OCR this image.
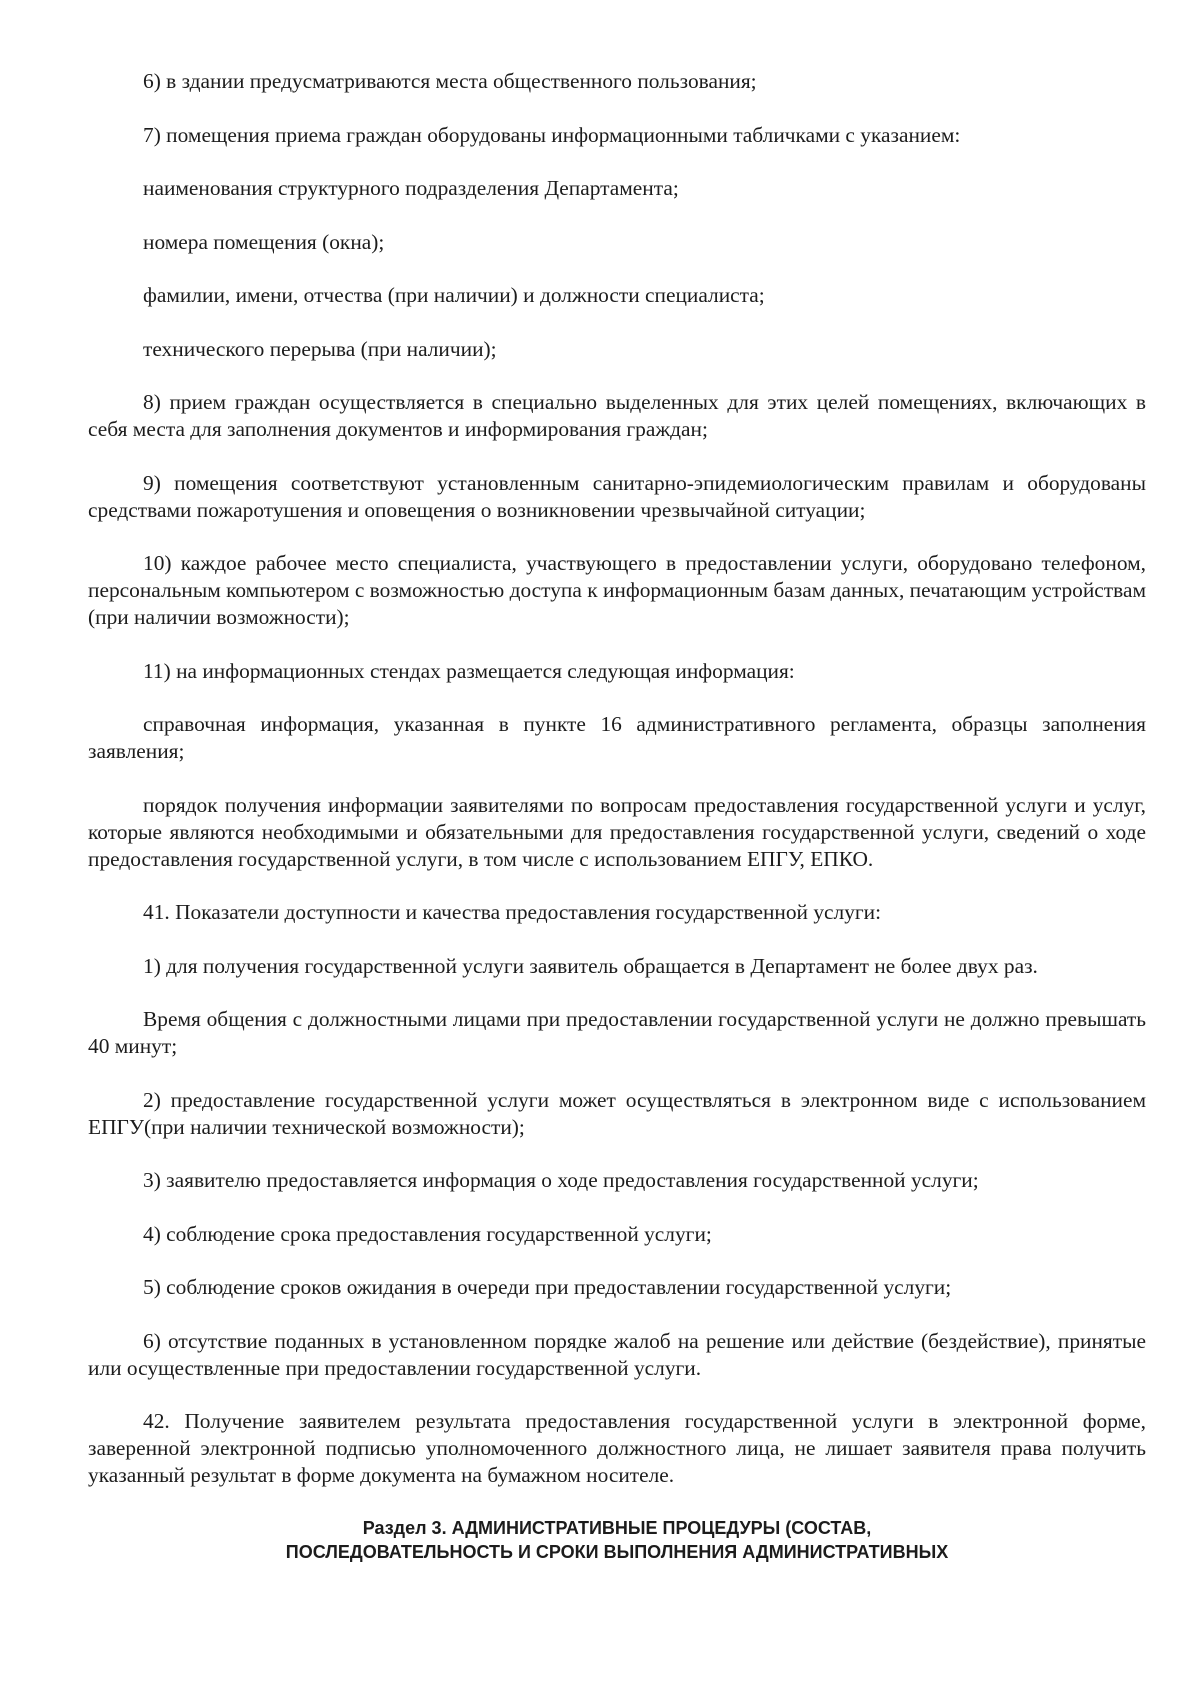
6) в здании предусматриваются места общественного пользования;

7) помещения приема граждан оборудованы информационными табличками с указанием:

наименования структурного подразделения Департамента;

номера помещения (окна);

фамилии, имени, отчества (при наличии) и должности специалиста;

технического перерыва (при наличии);

8) прием граждан осуществляется в специально выделенных для этих целей помещениях, включающих в себя места для заполнения документов и информирования граждан;

9) помещения соответствуют установленным санитарно-эпидемиологическим правилам и оборудованы средствами пожаротушения и оповещения о возникновении чрезвычайной ситуации;

10) каждое рабочее место специалиста, участвующего в предоставлении услуги, оборудовано телефоном, персональным компьютером с возможностью доступа к информационным базам данных, печатающим устройствам (при наличии возможности);

11) на информационных стендах размещается следующая информация:

справочная информация, указанная в пункте 16 административного регламента, образцы заполнения заявления;

порядок получения информации заявителями по вопросам предоставления государственной услуги и услуг, которые являются необходимыми и обязательными для предоставления государственной услуги, сведений о ходе предоставления государственной услуги, в том числе с использованием ЕПГУ, ЕПКО.

41. Показатели доступности и качества предоставления государственной услуги:

1) для получения государственной услуги заявитель обращается в Департамент не более двух раз.

Время общения с должностными лицами при предоставлении государственной услуги не должно превышать 40 минут;

2) предоставление государственной услуги может осуществляться в электронном виде с использованием ЕПГУ(при наличии технической возможности);

3) заявителю предоставляется информация о ходе предоставления государственной услуги;

4) соблюдение срока предоставления государственной услуги;

5) соблюдение сроков ожидания в очереди при предоставлении государственной услуги;

6) отсутствие поданных в установленном порядке жалоб на решение или действие (бездействие), принятые или осуществленные при предоставлении государственной услуги.

42. Получение заявителем результата предоставления государственной услуги в электронной форме, заверенной электронной подписью уполномоченного должностного лица, не лишает заявителя права получить указанный результат в форме документа на бумажном носителе.

Раздел 3. АДМИНИСТРАТИВНЫЕ ПРОЦЕДУРЫ (СОСТАВ,
ПОСЛЕДОВАТЕЛЬНОСТЬ И СРОКИ ВЫПОЛНЕНИЯ АДМИНИСТРАТИВНЫХ
